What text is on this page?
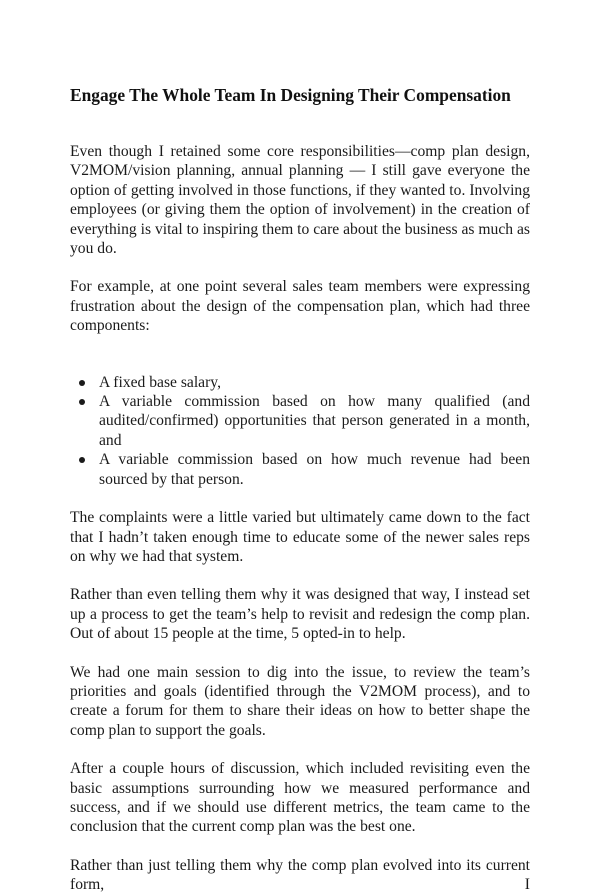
Engage The Whole Team In Designing Their Compensation

Even though I retained some core responsibilities—comp plan design, V2MOM/vision planning, annual planning — I still gave everyone the option of getting involved in those functions, if they wanted to. Involving employees (or giving them the option of involvement) in the creation of everything is vital to inspiring them to care about the business as much as you do.

For example, at one point several sales team members were expressing frustration about the design of the compensation plan, which had three components:

A fixed base salary,
A variable commission based on how many qualified (and audited/confirmed) opportunities that person generated in a month, and
A variable commission based on how much revenue had been sourced by that person.

The complaints were a little varied but ultimately came down to the fact that I hadn’t taken enough time to educate some of the newer sales reps on why we had that system.

Rather than even telling them why it was designed that way, I instead set up a process to get the team’s help to revisit and redesign the comp plan. Out of about 15 people at the time, 5 opted-in to help.

We had one main session to dig into the issue, to review the team’s priorities and goals (identified through the V2MOM process), and to create a forum for them to share their ideas on how to better shape the comp plan to support the goals.

After a couple hours of discussion, which included revisiting even the basic assumptions surrounding how we measured performance and success, and if we should use different metrics, the team came to the conclusion that the current comp plan was the best one.

Rather than just telling them why the comp plan evolved into its current form, I
